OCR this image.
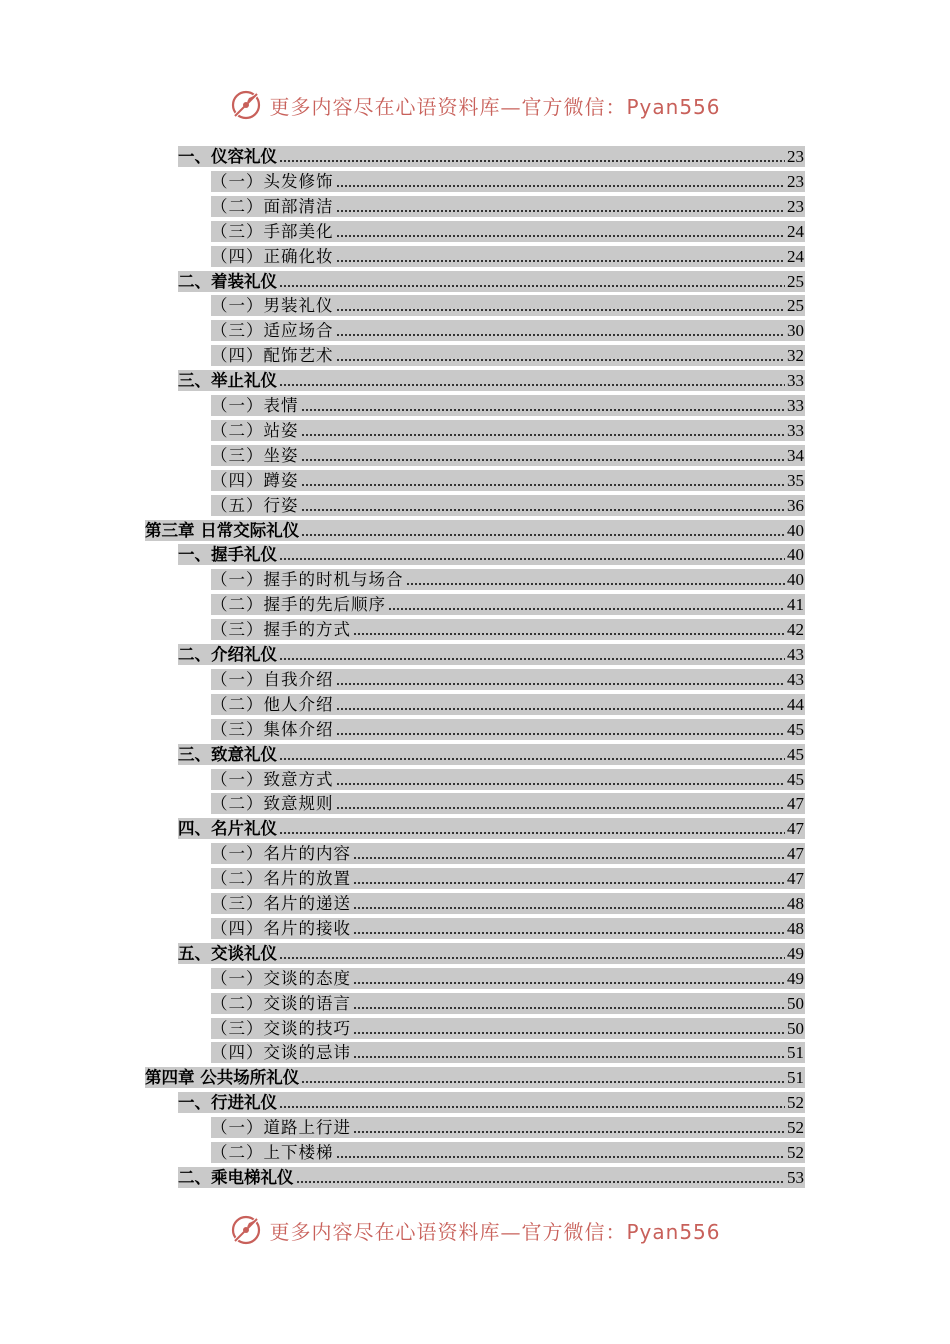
更多内容尽在心语资料库—官方微信：Pyan556
一、仪容礼仪	23
（一）头发修饰	23
（二）面部清洁	23
（三）手部美化	24
（四）正确化妆	24
二、着装礼仪	25
（一）男装礼仪	25
（三）适应场合	30
（四）配饰艺术	32
三、举止礼仪	33
（一）表情	33
（二）站姿	33
（三）坐姿	34
（四）蹲姿	35
（五）行姿	36
第三章 日常交际礼仪	40
一、握手礼仪	40
（一）握手的时机与场合	40
（二）握手的先后顺序	41
（三）握手的方式	42
二、介绍礼仪	43
（一）自我介绍	43
（二）他人介绍	44
（三）集体介绍	45
三、致意礼仪	45
（一）致意方式	45
（二）致意规则	47
四、名片礼仪	47
（一）名片的内容	47
（二）名片的放置	47
（三）名片的递送	48
（四）名片的接收	48
五、交谈礼仪	49
（一）交谈的态度	49
（二）交谈的语言	50
（三）交谈的技巧	50
（四）交谈的忌讳	51
第四章 公共场所礼仪	51
一、行进礼仪	52
（一）道路上行进	52
（二）上下楼梯	52
二、乘电梯礼仪	53
更多内容尽在心语资料库—官方微信：Pyan556
